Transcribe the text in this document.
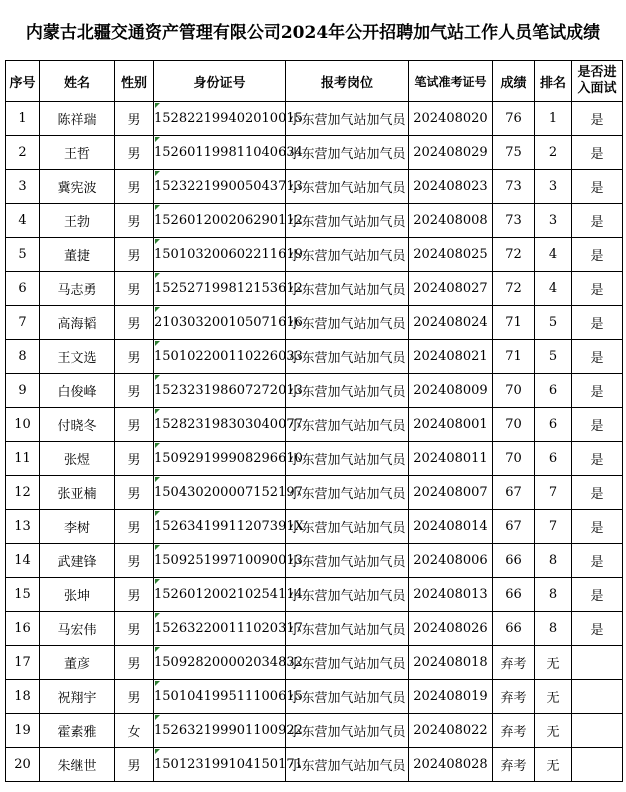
内蒙古北疆交通资产管理有限公司2024年公开招聘加气站工作人员笔试成绩
序号	姓名	性别	身份证号	报考岗位	笔试准考证号	成绩	排名	是否进
入面试
1	陈祥瑞	男	152822199402010015	小东营加气站加气员	202408020	76	1	是
2	王哲	男	152601199811040634	小东营加气站加气员	202408029	75	2	是
3	冀宪波	男	152322199005043713	小东营加气站加气员	202408023	73	3	是
4	王勃	男	152601200206290112	小东营加气站加气员	202408008	73	3	是
5	董捷	男	150103200602211619	小东营加气站加气员	202408025	72	4	是
6	马志勇	男	152527199812153612	小东营加气站加气员	202408027	72	4	是
7	高海韬	男	210303200105071616	小东营加气站加气员	202408024	71	5	是
8	王文选	男	150102200110226033	小东营加气站加气员	202408021	71	5	是
9	白俊峰	男	152323198607272013	小东营加气站加气员	202408009	70	6	是
10	付晓冬	男	152823198303040077	小东营加气站加气员	202408001	70	6	是
11	张煜	男	150929199908296610	小东营加气站加气员	202408011	70	6	是
12	张亚楠	男	150430200007152197	小东营加气站加气员	202408007	67	7	是
13	李树	男	15263419911207391X	小东营加气站加气员	202408014	67	7	是
14	武建锋	男	150925199710090013	小东营加气站加气员	202408006	66	8	是
15	张坤	男	152601200210254114	小东营加气站加气员	202408013	66	8	是
16	马宏伟	男	152632200111020317	小东营加气站加气员	202408026	66	8	是
17	董彦	男	150928200002034832	小东营加气站加气员	202408018	弃考	无	
18	祝翔宇	男	150104199511100615	小东营加气站加气员	202408019	弃考	无	
19	霍素雅	女	152632199901100922	小东营加气站加气员	202408022	弃考	无	
20	朱继世	男	150123199104150171	小东营加气站加气员	202408028	弃考	无	
